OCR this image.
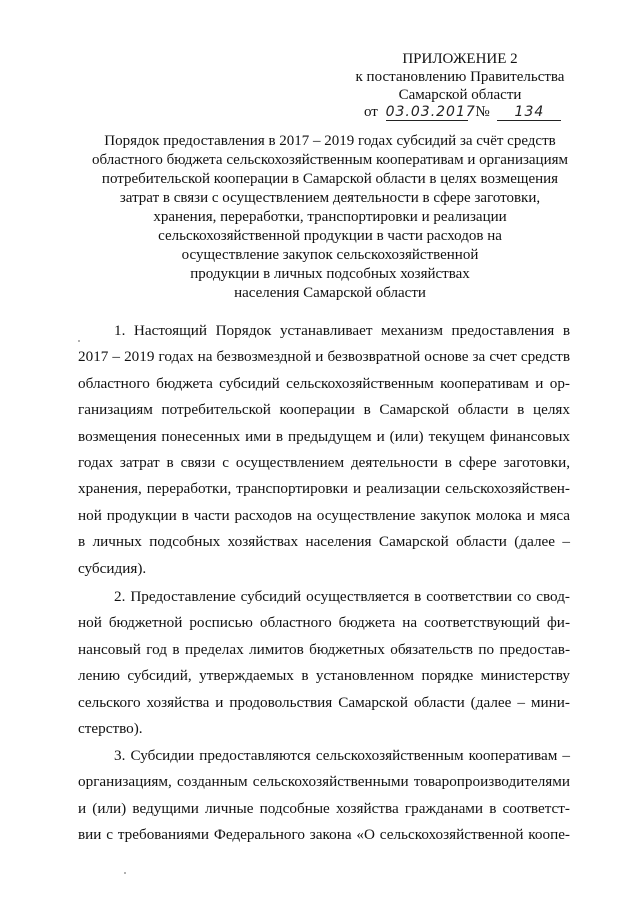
ПРИЛОЖЕНИЕ 2
к постановлению Правительства
Самарской области
от 03.03.2017 № 134
Порядок предоставления в 2017 – 2019 годах субсидий за счёт средств
областного бюджета сельскохозяйственным кооперативам и организациям
потребительской кооперации в Самарской области в целях возмещения
затрат в связи с осуществлением деятельности в сфере заготовки,
хранения, переработки, транспортировки и реализации
сельскохозяйственной продукции в части расходов на
осуществление закупок сельскохозяйственной
продукции в личных подсобных хозяйствах
населения Самарской области
1. Настоящий Порядок устанавливает механизм предоставления в
2017 – 2019 годах на безвозмездной и безвозвратной основе за счет средств
областного бюджета субсидий сельскохозяйственным кооперативам и ор-
ганизациям потребительской кооперации в Самарской области в целях
возмещения понесенных ими в предыдущем и (или) текущем финансовых
годах затрат в связи с осуществлением деятельности в сфере заготовки,
хранения, переработки, транспортировки и реализации сельскохозяйствен-
ной продукции в части расходов на осуществление закупок молока и мяса
в личных подсобных хозяйствах населения Самарской области (далее –
субсидия).
2. Предоставление субсидий осуществляется в соответствии со свод-
ной бюджетной росписью областного бюджета на соответствующий фи-
нансовый год в пределах лимитов бюджетных обязательств по предостав-
лению субсидий, утверждаемых в установленном порядке министерству
сельского хозяйства и продовольствия Самарской области (далее – мини-
стерство).
3. Субсидии предоставляются сельскохозяйственным кооперативам –
организациям, созданным сельскохозяйственными товаропроизводителями
и (или) ведущими личные подсобные хозяйства гражданами в соответст-
вии с требованиями Федерального закона «О сельскохозяйственной коопе-
